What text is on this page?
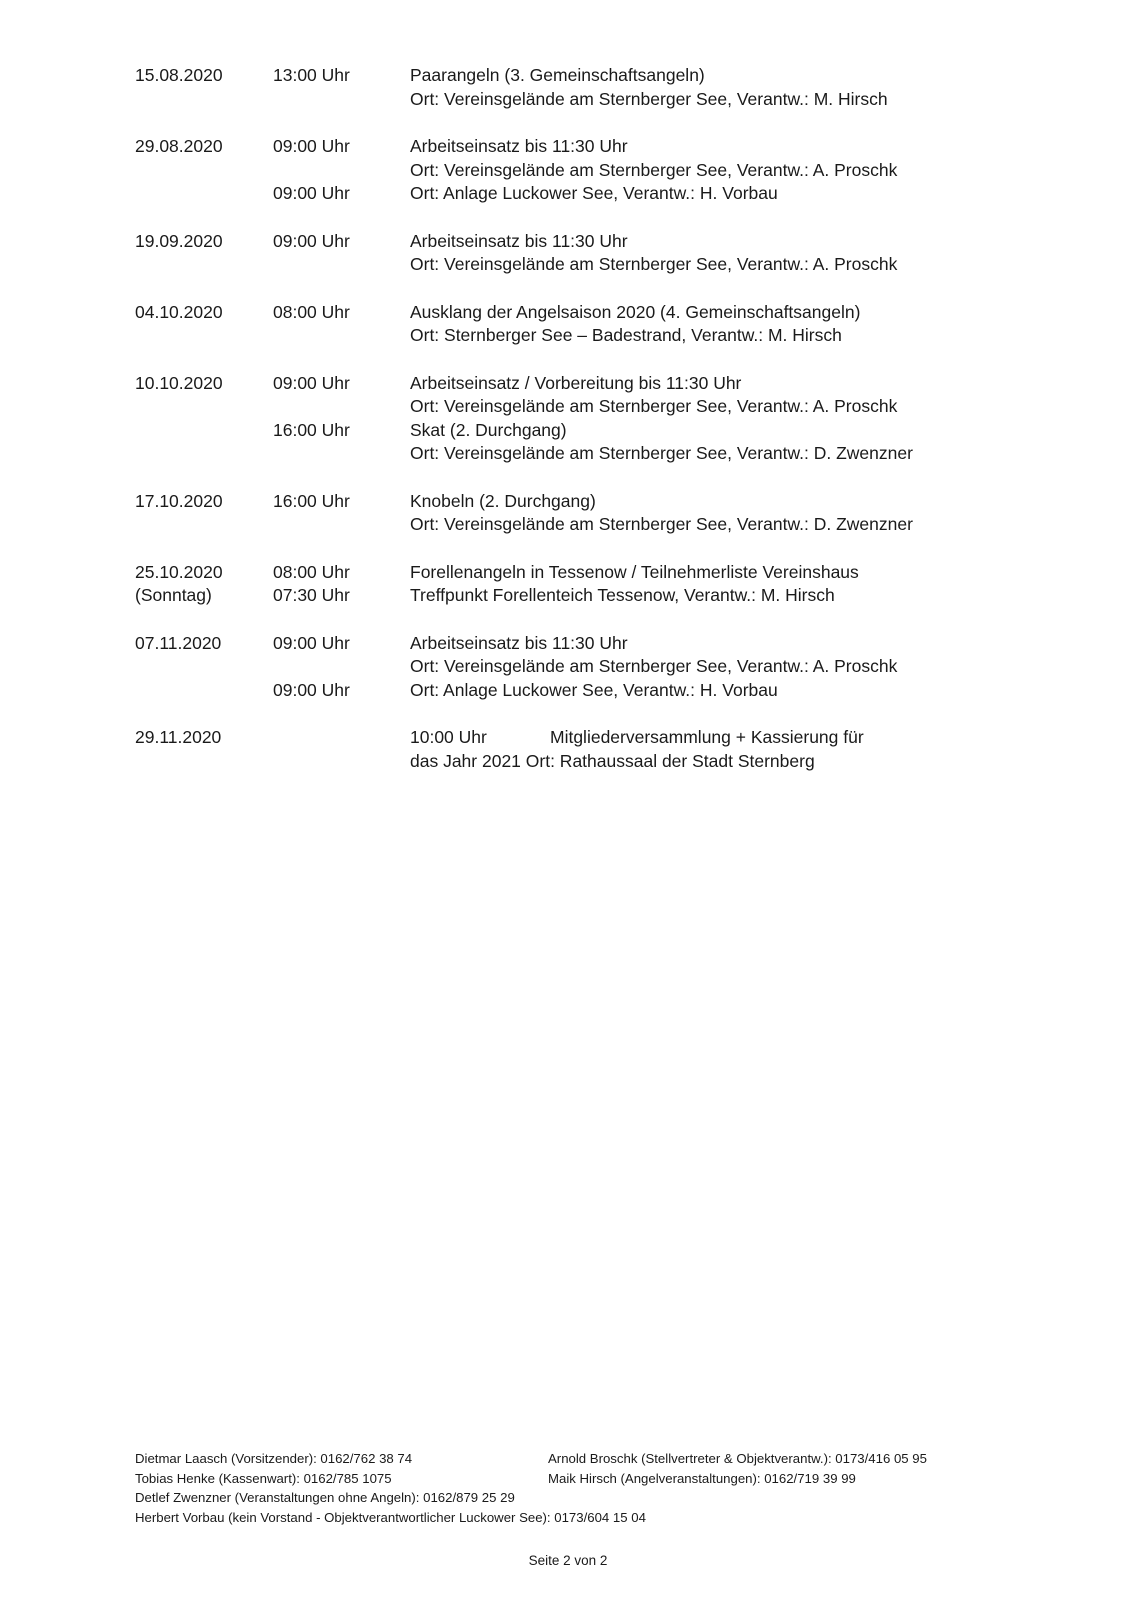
15.08.2020	13:00 Uhr	Paarangeln (3. Gemeinschaftsangeln)
Ort: Vereinsgelände am Sternberger See, Verantw.: M. Hirsch
29.08.2020	09:00 Uhr	Arbeitseinsatz bis 11:30 Uhr
Ort: Vereinsgelände am Sternberger See, Verantw.: A. Proschk
09:00 Uhr	Ort: Anlage Luckower See, Verantw.: H. Vorbau
19.09.2020	09:00 Uhr	Arbeitseinsatz bis 11:30 Uhr
Ort: Vereinsgelände am Sternberger See, Verantw.: A. Proschk
04.10.2020	08:00 Uhr	Ausklang der Angelsaison 2020 (4. Gemeinschaftsangeln)
Ort: Sternberger See – Badestrand, Verantw.: M. Hirsch
10.10.2020	09:00 Uhr	Arbeitseinsatz / Vorbereitung bis 11:30 Uhr
Ort: Vereinsgelände am Sternberger See, Verantw.: A. Proschk
16:00 Uhr	Skat (2. Durchgang)
Ort: Vereinsgelände am Sternberger See, Verantw.: D. Zwenzner
17.10.2020	16:00 Uhr	Knobeln (2. Durchgang)
Ort: Vereinsgelände am Sternberger See, Verantw.: D. Zwenzner
25.10.2020	08:00 Uhr	Forellenangeln in Tessenow / Teilnehmerliste Vereinshaus
(Sonntag)	07:30 Uhr	Treffpunkt Forellenteich Tessenow, Verantw.: M. Hirsch
07.11.2020	09:00 Uhr	Arbeitseinsatz bis 11:30 Uhr
Ort: Vereinsgelände am Sternberger See, Verantw.: A. Proschk
09:00 Uhr	Ort: Anlage Luckower See, Verantw.: H. Vorbau
29.11.2020	10:00 Uhr	Mitgliederversammlung + Kassierung für
das Jahr 2021 Ort: Rathaussaal der Stadt Sternberg
Dietmar Laasch (Vorsitzender): 0162/762 38 74	Arnold Broschk (Stellvertreter & Objektverantw.): 0173/416 05 95
Tobias Henke (Kassenwart): 0162/785 1075	Maik Hirsch (Angelveranstaltungen): 0162/719 39 99
Detlef Zwenzner (Veranstaltungen ohne Angeln): 0162/879 25 29
Herbert Vorbau (kein Vorstand - Objektverantwortlicher Luckower See): 0173/604 15 04
Seite 2 von 2
